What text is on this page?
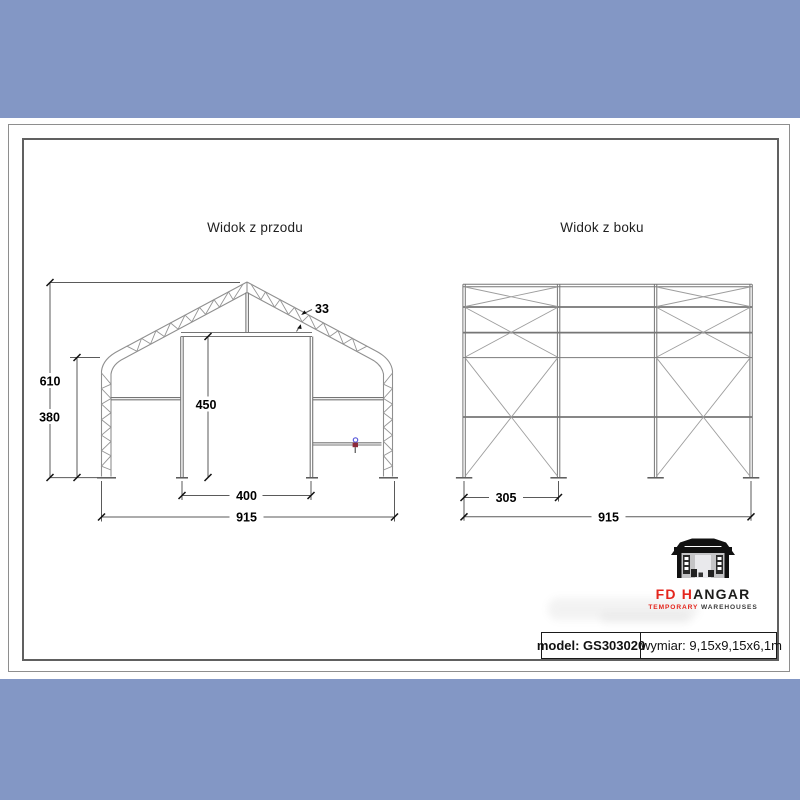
610
380
450
33
400
915
305
915
Widok z przodu	Widok z boku
FD HANGAR
TEMPORARY WAREHOUSES
model: GS303020
wymiar: 9,15x9,15x6,1m
